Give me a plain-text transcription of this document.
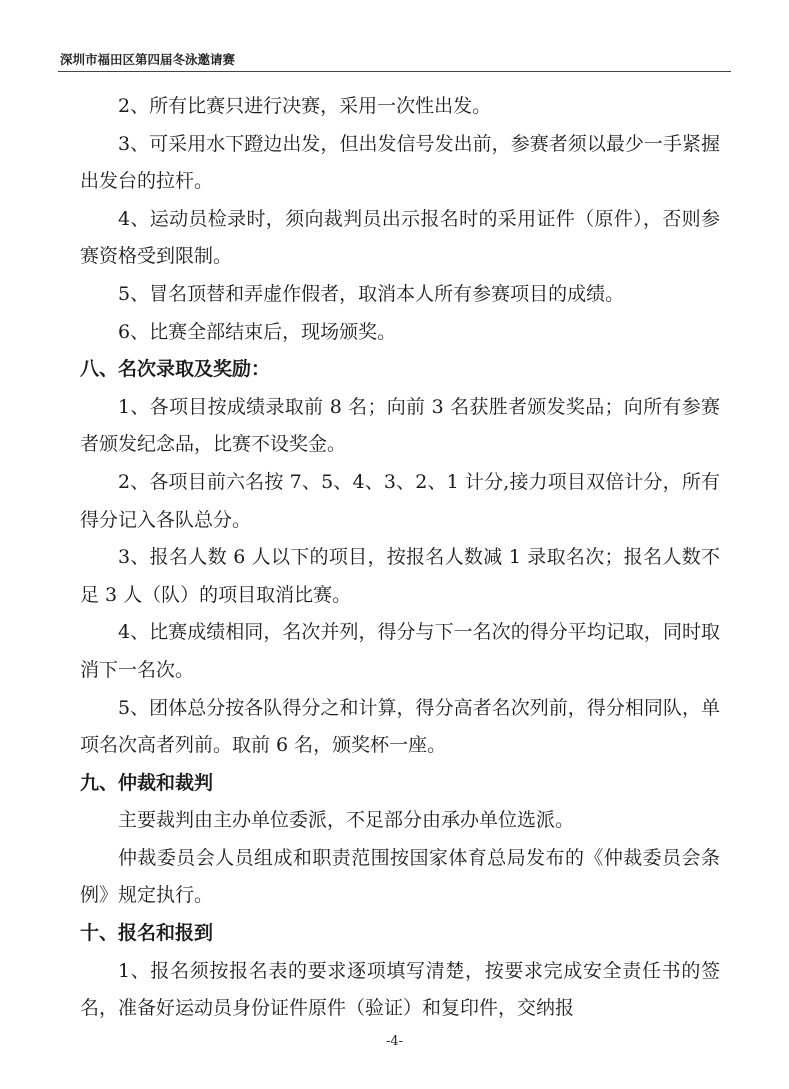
深圳市福田区第四届冬泳邀请赛

2、所有比赛只进行决赛，采用一次性出发。

3、可采用水下蹬边出发，但出发信号发出前，参赛者须以最少一手紧握出发台的拉杆。

4、运动员检录时，须向裁判员出示报名时的采用证件（原件），否则参赛资格受到限制。

5、冒名顶替和弄虚作假者，取消本人所有参赛项目的成绩。

6、比赛全部结束后，现场颁奖。

八、名次录取及奖励：

1、各项目按成绩录取前 8 名；向前 3 名获胜者颁发奖品；向所有参赛者颁发纪念品，比赛不设奖金。

2、各项目前六名按 7、5、4、3、2、1 计分,接力项目双倍计分，所有得分记入各队总分。

3、报名人数 6 人以下的项目，按报名人数减 1 录取名次；报名人数不足 3 人（队）的项目取消比赛。

4、比赛成绩相同，名次并列，得分与下一名次的得分平均记取，同时取消下一名次。

5、团体总分按各队得分之和计算，得分高者名次列前，得分相同队，单项名次高者列前。取前 6 名，颁奖杯一座。

九、仲裁和裁判

主要裁判由主办单位委派，不足部分由承办单位选派。

仲裁委员会人员组成和职责范围按国家体育总局发布的《仲裁委员会条例》规定执行。

十、报名和报到

1、报名须按报名表的要求逐项填写清楚，按要求完成安全责任书的签名，准备好运动员身份证件原件（验证）和复印件，交纳报

-4-
